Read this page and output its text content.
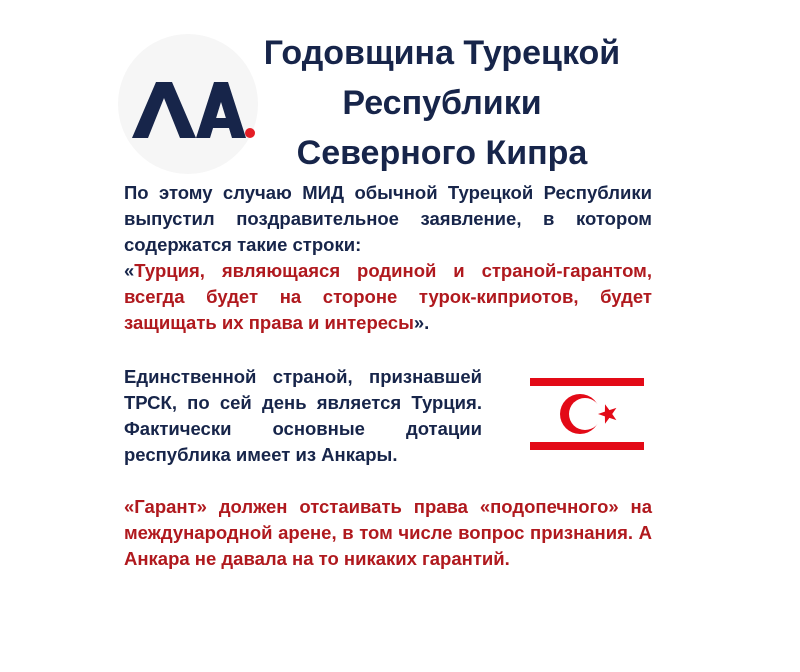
Годовщина Турецкой
Республики
Северного Кипра
По этому случаю МИД обычной Турецкой Республики выпустил поздравительное заявление, в котором содержатся такие строки:
«Турция, являющаяся родиной и страной-гарантом, всегда будет на стороне турок-киприотов, будет защищать их права и интересы».
Единственной страной, признавшей ТРСК, по сей день является Турция. Фактически основные дотации республика имеет из Анкары.
«Гарант» должен отстаивать права «подопечного» на международной арене, в том числе вопрос признания. А Анкара не давала на то никаких гарантий.
